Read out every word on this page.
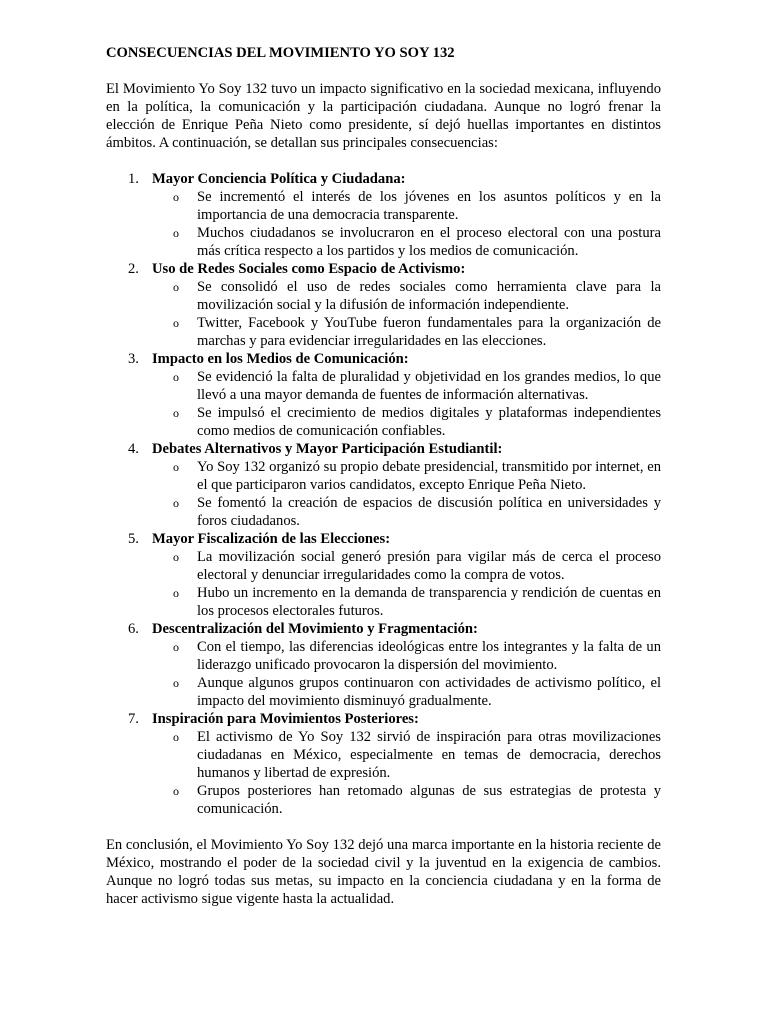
CONSECUENCIAS DEL MOVIMIENTO YO SOY 132

El Movimiento Yo Soy 132 tuvo un impacto significativo en la sociedad mexicana, influyendo en la política, la comunicación y la participación ciudadana. Aunque no logró frenar la elección de Enrique Peña Nieto como presidente, sí dejó huellas importantes en distintos ámbitos. A continuación, se detallan sus principales consecuencias:

1. Mayor Conciencia Política y Ciudadana:
o Se incrementó el interés de los jóvenes en los asuntos políticos y en la importancia de una democracia transparente.
o Muchos ciudadanos se involucraron en el proceso electoral con una postura más crítica respecto a los partidos y los medios de comunicación.
2. Uso de Redes Sociales como Espacio de Activismo:
o Se consolidó el uso de redes sociales como herramienta clave para la movilización social y la difusión de información independiente.
o Twitter, Facebook y YouTube fueron fundamentales para la organización de marchas y para evidenciar irregularidades en las elecciones.
3. Impacto en los Medios de Comunicación:
o Se evidenció la falta de pluralidad y objetividad en los grandes medios, lo que llevó a una mayor demanda de fuentes de información alternativas.
o Se impulsó el crecimiento de medios digitales y plataformas independientes como medios de comunicación confiables.
4. Debates Alternativos y Mayor Participación Estudiantil:
o Yo Soy 132 organizó su propio debate presidencial, transmitido por internet, en el que participaron varios candidatos, excepto Enrique Peña Nieto.
o Se fomentó la creación de espacios de discusión política en universidades y foros ciudadanos.
5. Mayor Fiscalización de las Elecciones:
o La movilización social generó presión para vigilar más de cerca el proceso electoral y denunciar irregularidades como la compra de votos.
o Hubo un incremento en la demanda de transparencia y rendición de cuentas en los procesos electorales futuros.
6. Descentralización del Movimiento y Fragmentación:
o Con el tiempo, las diferencias ideológicas entre los integrantes y la falta de un liderazgo unificado provocaron la dispersión del movimiento.
o Aunque algunos grupos continuaron con actividades de activismo político, el impacto del movimiento disminuyó gradualmente.
7. Inspiración para Movimientos Posteriores:
o El activismo de Yo Soy 132 sirvió de inspiración para otras movilizaciones ciudadanas en México, especialmente en temas de democracia, derechos humanos y libertad de expresión.
o Grupos posteriores han retomado algunas de sus estrategias de protesta y comunicación.

En conclusión, el Movimiento Yo Soy 132 dejó una marca importante en la historia reciente de México, mostrando el poder de la sociedad civil y la juventud en la exigencia de cambios. Aunque no logró todas sus metas, su impacto en la conciencia ciudadana y en la forma de hacer activismo sigue vigente hasta la actualidad.
